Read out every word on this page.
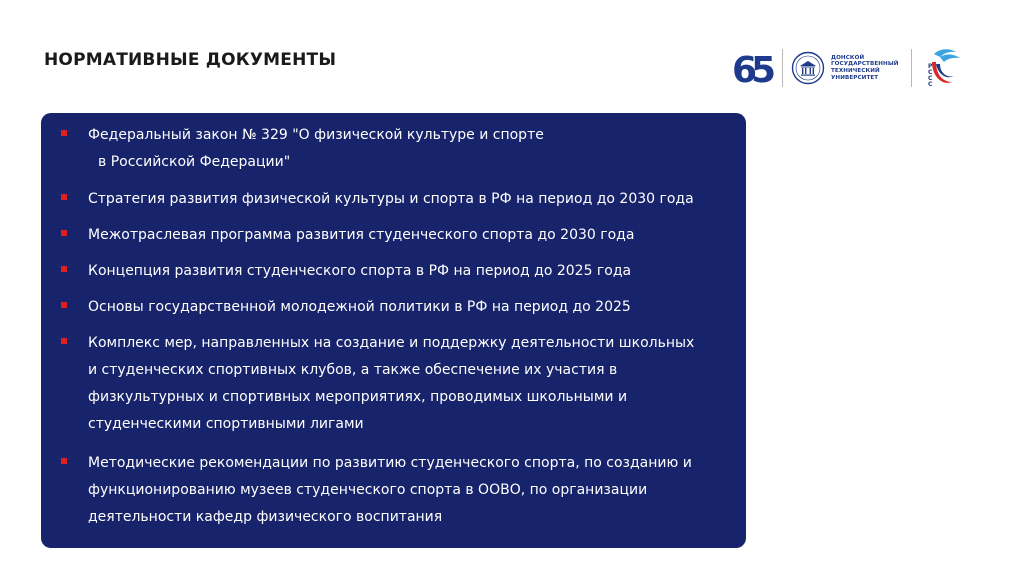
НОРМАТИВНЫЕ ДОКУМЕНТЫ	65	ДОНСКОЙ
ГОСУДАРСТВЕННЫЙ
ТЕХНИЧЕСКИЙ
УНИВЕРСИТЕТ
Р
С
С
С
Федеральный закон № 329 "О физической культуре и спорте
в Российской Федерации"
Стратегия развития физической культуры и спорта в РФ на период до 2030 года
Межотраслевая программа развития студенческого спорта до 2030 года
Концепция развития студенческого спорта в РФ на период до 2025 года
Основы государственной молодежной политики в РФ на период до 2025
Комплекс мер, направленных на создание и поддержку деятельности школьных
и студенческих спортивных клубов, а также обеспечение их участия в
физкультурных и спортивных мероприятиях, проводимых школьными и
студенческими спортивными лигами
Методические рекомендации по развитию студенческого спорта, по созданию и
функционированию музеев студенческого спорта в ООВО, по организации
деятельности кафедр физического воспитания
